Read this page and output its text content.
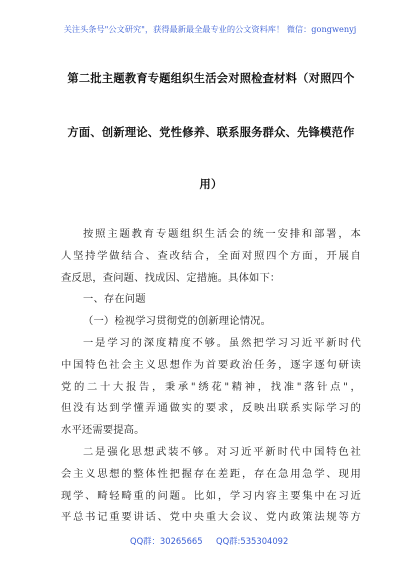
关注头条号"公文研究"，获得最新最全最专业的公文资料库！ 微信：gongwenyj
第二批主题教育专题组织生活会对照检查材料（对照四个
方面、创新理论、党性修养、联系服务群众、先锋模范作
用）
按照主题教育专题组织生活会的统一安排和部署，本
人坚持学做结合、查改结合，全面对照四个方面，开展自
查反思，查问题、找成因、定措施。具体如下：
一、存在问题
（一）检视学习贯彻党的创新理论情况。
一是学习的深度精度不够。虽然把学习习近平新时代
中国特色社会主义思想作为首要政治任务，逐字逐句研读
党的二十大报告，秉承"绣花"精神，找准"落针点"，
但没有达到学懂弄通做实的要求，反映出联系实际学习的
水平还需要提高。
二是强化思想武装不够。对习近平新时代中国特色社
会主义思想的整体性把握存在差距，存在急用急学、现用
现学、畸轻畸重的问题。比如，学习内容主要集中在习近
平总书记重要讲话、党中央重大会议、党内政策法规等方
QQ群：30265665 QQ群:535304092
